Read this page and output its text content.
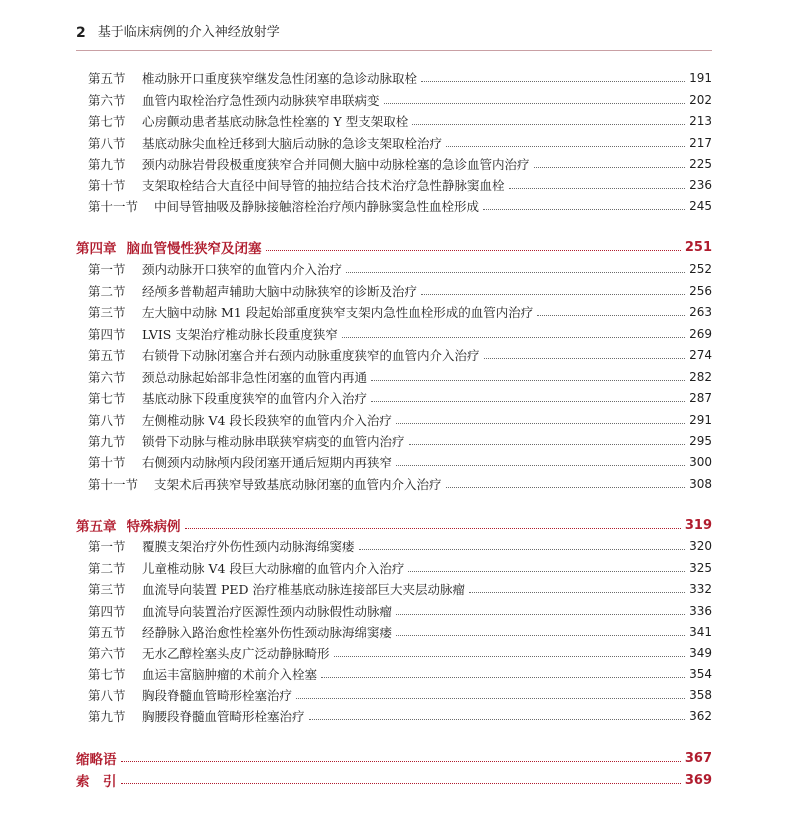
2 基于临床病例的介入神经放射学
第五节	椎动脉开口重度狭窄继发急性闭塞的急诊动脉取栓	191
第六节	血管内取栓治疗急性颈内动脉狭窄串联病变	202
第七节	心房颤动患者基底动脉急性栓塞的 Y 型支架取栓	213
第八节	基底动脉尖血栓迁移到大脑后动脉的急诊支架取栓治疗	217
第九节	颈内动脉岩骨段极重度狭窄合并同侧大脑中动脉栓塞的急诊血管内治疗	225
第十节	支架取栓结合大直径中间导管的抽拉结合技术治疗急性静脉窦血栓	236
第十一节	中间导管抽吸及静脉接触溶栓治疗颅内静脉窦急性血栓形成	245
第四章 脑血管慢性狭窄及闭塞	251
第一节	颈内动脉开口狭窄的血管内介入治疗	252
第二节	经颅多普勒超声辅助大脑中动脉狭窄的诊断及治疗	256
第三节	左大脑中动脉 M1 段起始部重度狭窄支架内急性血栓形成的血管内治疗	263
第四节	LVIS 支架治疗椎动脉长段重度狭窄	269
第五节	右锁骨下动脉闭塞合并右颈内动脉重度狭窄的血管内介入治疗	274
第六节	颈总动脉起始部非急性闭塞的血管内再通	282
第七节	基底动脉下段重度狭窄的血管内介入治疗	287
第八节	左侧椎动脉 V4 段长段狭窄的血管内介入治疗	291
第九节	锁骨下动脉与椎动脉串联狭窄病变的血管内治疗	295
第十节	右侧颈内动脉颅内段闭塞开通后短期内再狭窄	300
第十一节	支架术后再狭窄导致基底动脉闭塞的血管内介入治疗	308
第五章 特殊病例	319
第一节	覆膜支架治疗外伤性颈内动脉海绵窦瘘	320
第二节	儿童椎动脉 V4 段巨大动脉瘤的血管内介入治疗	325
第三节	血流导向装置 PED 治疗椎基底动脉连接部巨大夹层动脉瘤	332
第四节	血流导向装置治疗医源性颈内动脉假性动脉瘤	336
第五节	经静脉入路治愈性栓塞外伤性颈动脉海绵窦瘘	341
第六节	无水乙醇栓塞头皮广泛动静脉畸形	349
第七节	血运丰富脑肿瘤的术前介入栓塞	354
第八节	胸段脊髓血管畸形栓塞治疗	358
第九节	胸腰段脊髓血管畸形栓塞治疗	362
缩略语	367
索　引	369
